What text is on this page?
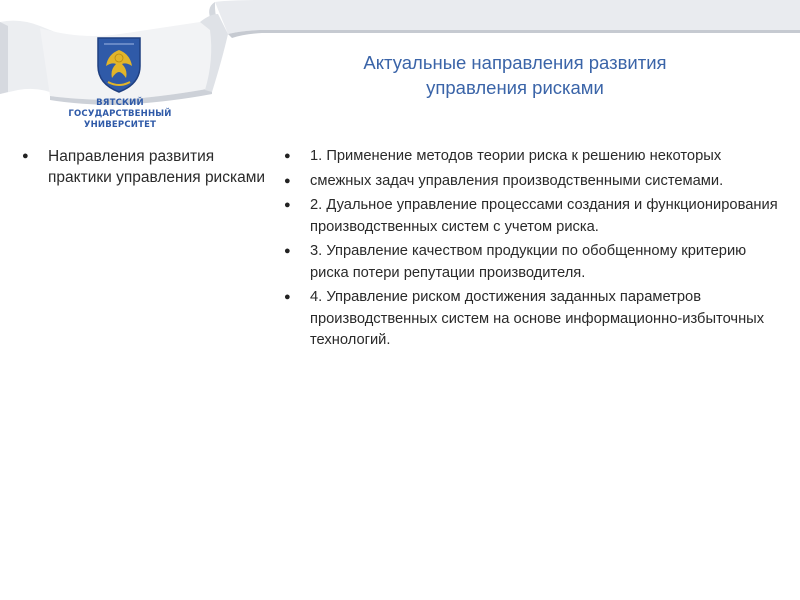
ВЯТСКИЙ
ГОСУДАРСТВЕННЫЙ
УНИВЕРСИТЕТ
Актуальные направления развития
управления рисками
● Направления развития практики управления рисками
● 1. Применение методов теории риска к решению некоторых
● смежных задач управления производственными системами.
● 2. Дуальное управление процессами создания и функционирования производственных систем с учетом риска.
● 3. Управление качеством продукции по обобщенному критерию риска потери репутации производителя.
● 4. Управление риском достижения заданных параметров производственных систем на основе информационно-избыточных технологий.
